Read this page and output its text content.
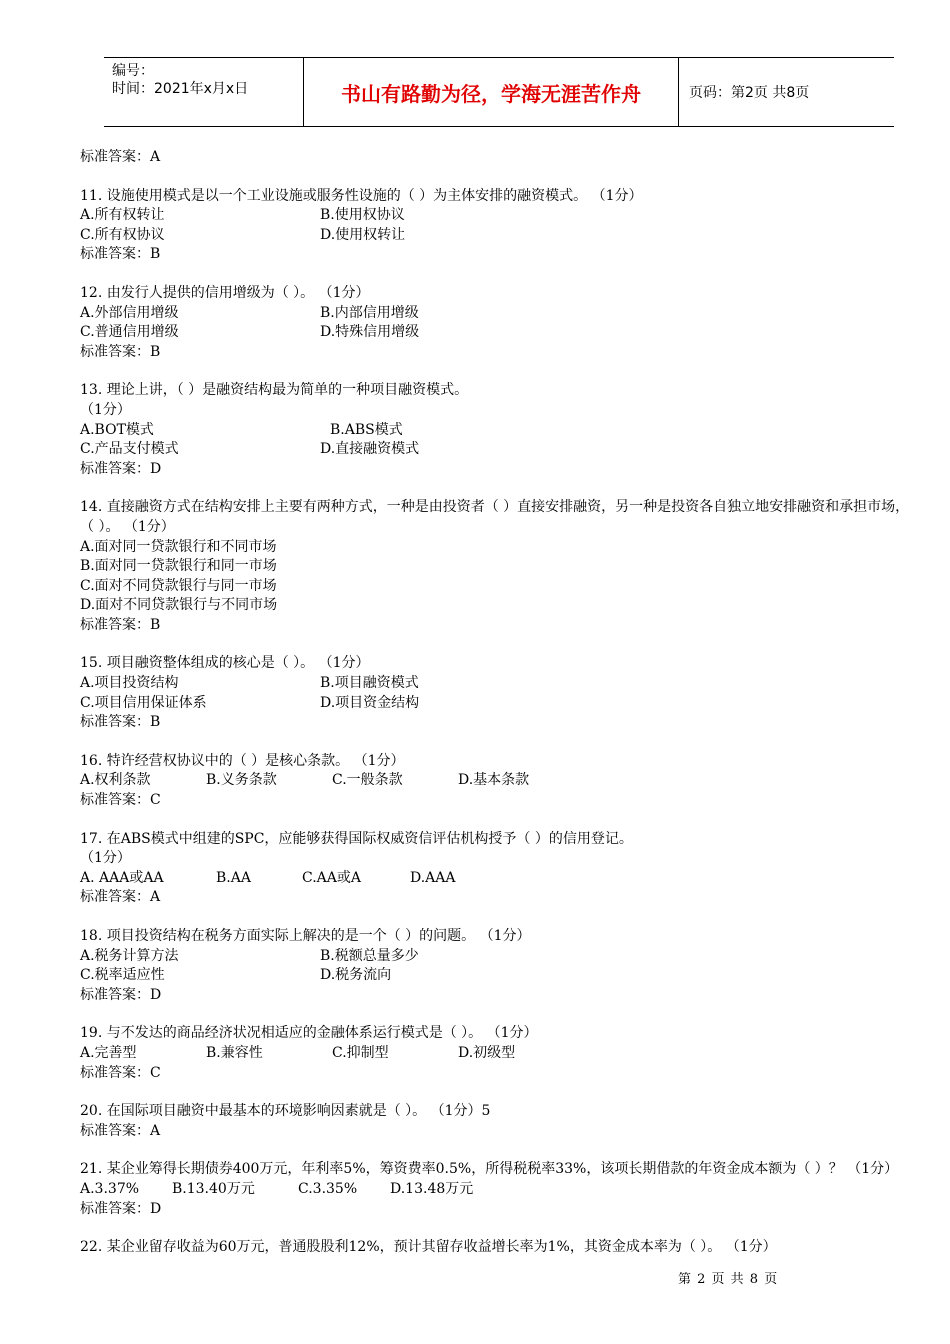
编号：
时间：2021年x月x日	书山有路勤为径，学海无涯苦作舟	页码：第2页 共8页
标准答案：A
11. 设施使用模式是以一个工业设施或服务性设施的（ ）为主体安排的融资模式。 （1分）
A.所有权转让	B.使用权协议
C.所有权协议	D.使用权转让
标准答案：B
12. 由发行人提供的信用增级为（ ）。 （1分）
A.外部信用增级	B.内部信用增级
C.普通信用增级	D.特殊信用增级
标准答案：B
13. 理论上讲，（ ）是融资结构最为简单的一种项目融资模式。
（1分）
A.BOT模式	B.ABS模式
C.产品支付模式	D.直接融资模式
标准答案：D
14. 直接融资方式在结构安排上主要有两种方式，一种是由投资者（ ）直接安排融资，另一种是投资各自独立地安排融资和承担市场，（ ）。 （1分）
A.面对同一贷款银行和不同市场
B.面对同一贷款银行和同一市场
C.面对不同贷款银行与同一市场
D.面对不同贷款银行与不同市场
标准答案：B
15. 项目融资整体组成的核心是（ ）。 （1分）
A.项目投资结构	B.项目融资模式
C.项目信用保证体系	D.项目资金结构
标准答案：B
16. 特许经营权协议中的（ ）是核心条款。 （1分）
A.权利条款	B.义务条款	C.一般条款	D.基本条款
标准答案：C
17. 在ABS模式中组建的SPC，应能够获得国际权威资信评估机构授予（ ）的信用登记。
（1分）
A. AAA或AA	B.AA	C.AA或A	D.AAA
标准答案：A
18. 项目投资结构在税务方面实际上解决的是一个（ ）的问题。 （1分）
A.税务计算方法	B.税额总量多少
C.税率适应性	D.税务流向
标准答案：D
19. 与不发达的商品经济状况相适应的金融体系运行模式是（ ）。 （1分）
A.完善型	B.兼容性	C.抑制型	D.初级型
标准答案：C
20. 在国际项目融资中最基本的环境影响因素就是（ ）。 （1分）5
标准答案：A
21. 某企业筹得长期债券400万元，年利率5%，筹资费率0.5%，所得税税率33%，该项长期借款的年资金成本额为（ ）？ （1分）
A.3.37%	B.13.40万元	C.3.35%	D.13.48万元
标准答案：D
22. 某企业留存收益为60万元，普通股股利12%，预计其留存收益增长率为1%，其资金成本率为（ ）。 （1分）
第 2 页 共 8 页
